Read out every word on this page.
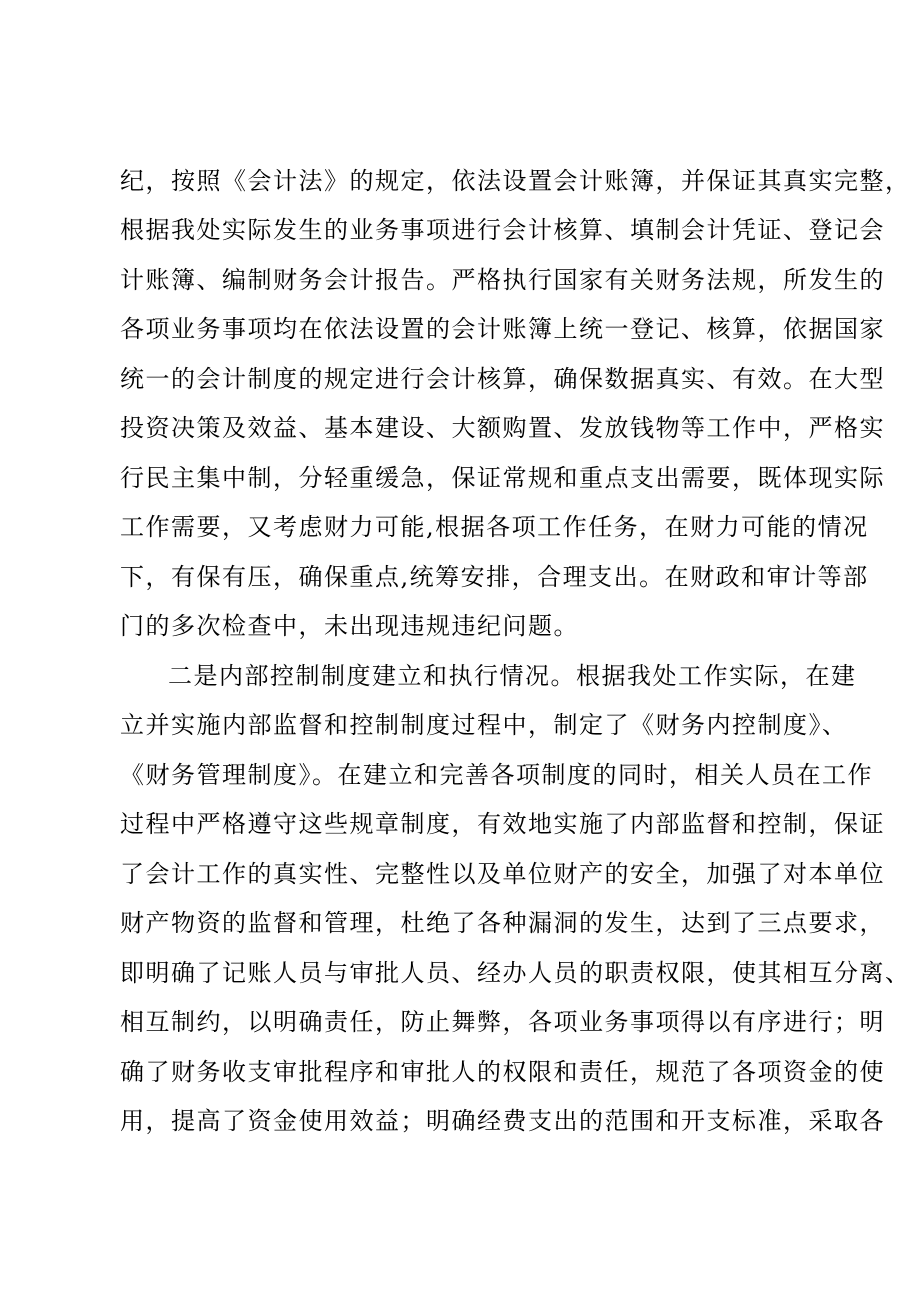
纪，按照《会计法》的规定，依法设置会计账簿，并保证其真实完整，
根据我处实际发生的业务事项进行会计核算、填制会计凭证、登记会
计账簿、编制财务会计报告。严格执行国家有关财务法规，所发生的
各项业务事项均在依法设置的会计账簿上统一登记、核算，依据国家
统一的会计制度的规定进行会计核算，确保数据真实、有效。在大型
投资决策及效益、基本建设、大额购置、发放钱物等工作中，严格实
行民主集中制，分轻重缓急，保证常规和重点支出需要，既体现实际
工作需要，又考虑财力可能,根据各项工作任务，在财力可能的情况
下，有保有压，确保重点,统筹安排，合理支出。在财政和审计等部
门的多次检查中，未出现违规违纪问题。
二是内部控制制度建立和执行情况。根据我处工作实际，在建
立并实施内部监督和控制制度过程中，制定了《财务内控制度》、
《财务管理制度》。在建立和完善各项制度的同时，相关人员在工作
过程中严格遵守这些规章制度，有效地实施了内部监督和控制，保证
了会计工作的真实性、完整性以及单位财产的安全，加强了对本单位
财产物资的监督和管理，杜绝了各种漏洞的发生，达到了三点要求，
即明确了记账人员与审批人员、经办人员的职责权限，使其相互分离、
相互制约，以明确责任，防止舞弊，各项业务事项得以有序进行；明
确了财务收支审批程序和审批人的权限和责任，规范了各项资金的使
用，提高了资金使用效益；明确经费支出的范围和开支标准，采取各
